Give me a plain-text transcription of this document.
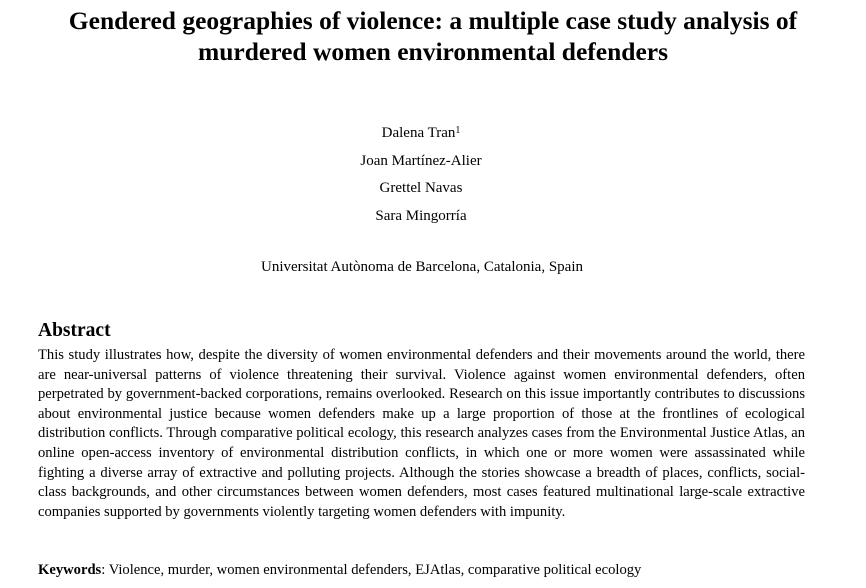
Gendered geographies of violence: a multiple case study analysis of murdered women environmental defenders
Dalena Tran$^1$
Joan Martínez-Alier
Grettel Navas
Sara Mingorría
Universitat Autònoma de Barcelona, Catalonia, Spain
Abstract
This study illustrates how, despite the diversity of women environmental defenders and their movements around the world, there are near-universal patterns of violence threatening their survival. Violence against women environmental defenders, often perpetrated by government-backed corporations, remains overlooked. Research on this issue importantly contributes to discussions about environmental justice because women defenders make up a large proportion of those at the frontlines of ecological distribution conflicts. Through comparative political ecology, this research analyzes cases from the Environmental Justice Atlas, an online open-access inventory of environmental distribution conflicts, in which one or more women were assassinated while fighting a diverse array of extractive and polluting projects. Although the stories showcase a breadth of places, conflicts, social-class backgrounds, and other circumstances between women defenders, most cases featured multinational large-scale extractive companies supported by governments violently targeting women defenders with impunity.
Keywords: Violence, murder, women environmental defenders, EJAtlas, comparative political ecology
